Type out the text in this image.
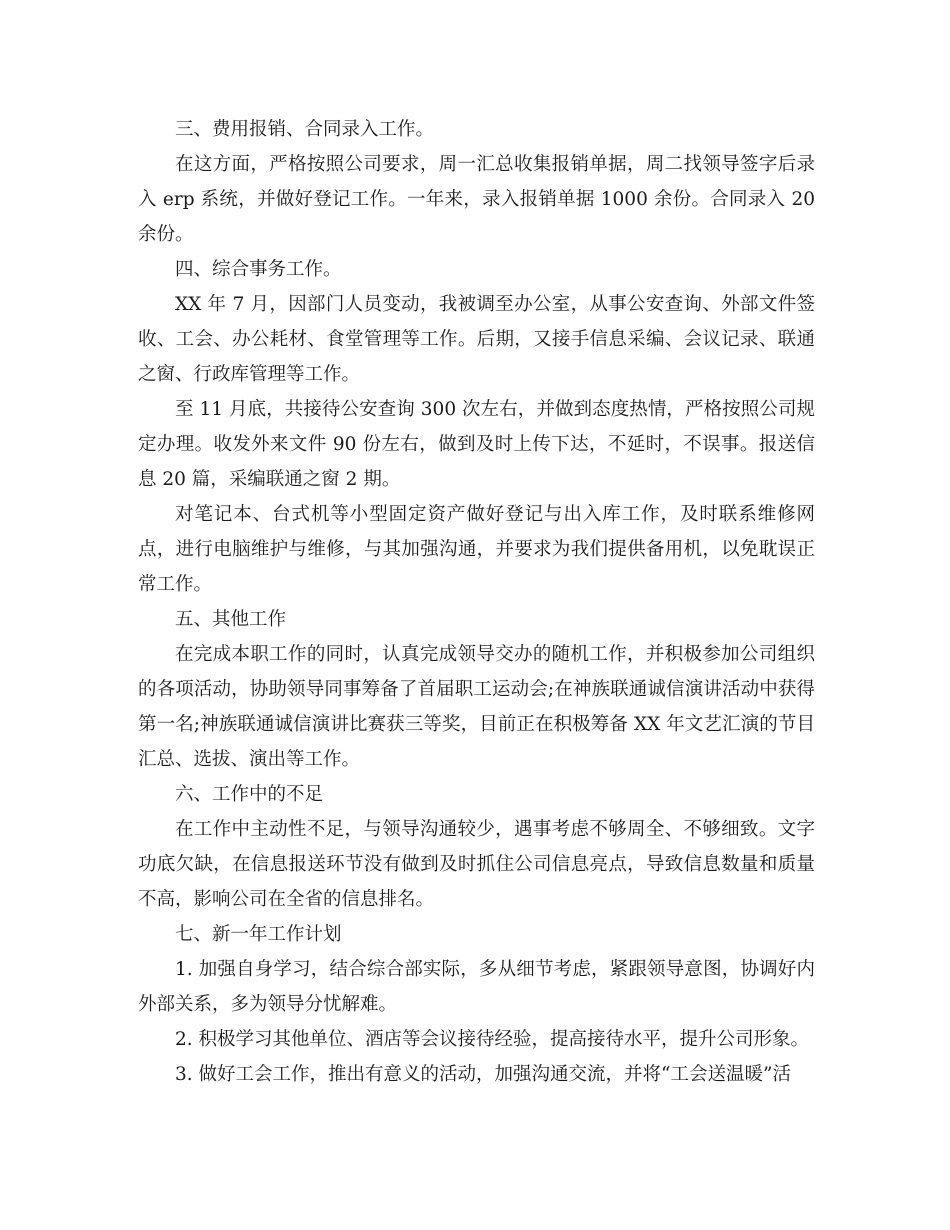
三、费用报销、合同录入工作。

在这方面，严格按照公司要求，周一汇总收集报销单据，周二找领导签字后录入 erp 系统，并做好登记工作。一年来，录入报销单据 1000 余份。合同录入 20 余份。

四、综合事务工作。

XX 年 7 月，因部门人员变动，我被调至办公室，从事公安查询、外部文件签收、工会、办公耗材、食堂管理等工作。后期，又接手信息采编、会议记录、联通之窗、行政库管理等工作。

至 11 月底，共接待公安查询 300 次左右，并做到态度热情，严格按照公司规定办理。收发外来文件 90 份左右，做到及时上传下达，不延时，不误事。报送信息 20 篇，采编联通之窗 2 期。

对笔记本、台式机等小型固定资产做好登记与出入库工作，及时联系维修网点，进行电脑维护与维修，与其加强沟通，并要求为我们提供备用机，以免耽误正常工作。

五、其他工作

在完成本职工作的同时，认真完成领导交办的随机工作，并积极参加公司组织的各项活动，协助领导同事筹备了首届职工运动会;在神族联通诚信演讲活动中获得第一名;神族联通诚信演讲比赛获三等奖，目前正在积极筹备 XX 年文艺汇演的节目汇总、选拔、演出等工作。

六、工作中的不足

在工作中主动性不足，与领导沟通较少，遇事考虑不够周全、不够细致。文字功底欠缺，在信息报送环节没有做到及时抓住公司信息亮点，导致信息数量和质量不高，影响公司在全省的信息排名。

七、新一年工作计划

1. 加强自身学习，结合综合部实际，多从细节考虑，紧跟领导意图，协调好内外部关系，多为领导分忧解难。

2. 积极学习其他单位、酒店等会议接待经验，提高接待水平，提升公司形象。

3. 做好工会工作，推出有意义的活动，加强沟通交流，并将“工会送温暖”活
